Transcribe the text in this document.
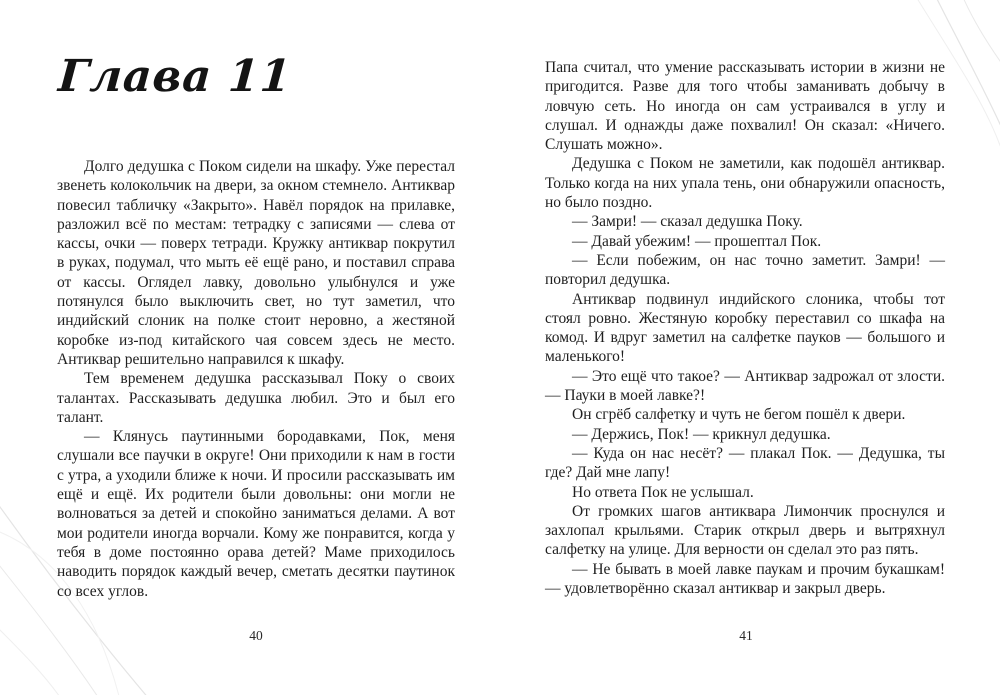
Глава 11

Долго дедушка с Поком сидели на шкафу. Уже перестал звенеть колокольчик на двери, за окном стемнело. Антиквар повесил табличку «Закрыто». Навёл порядок на прилавке, разложил всё по местам: тетрадку с записями — слева от кассы, очки — поверх тетради. Кружку антиквар покрутил в руках, подумал, что мыть её ещё рано, и поставил справа от кассы. Оглядел лавку, довольно улыбнулся и уже потянулся было выключить свет, но тут заметил, что индийский слоник на полке стоит неровно, а жестяной коробке из-под китайского чая совсем здесь не место. Антиквар решительно направился к шкафу.

Тем временем дедушка рассказывал Поку о своих талантах. Рассказывать дедушка любил. Это и был его талант.

— Клянусь паутинными бородавками, Пок, меня слушали все паучки в округе! Они приходили к нам в гости с утра, а уходили ближе к ночи. И просили рассказывать им ещё и ещё. Их родители были довольны: они могли не волноваться за детей и спокойно заниматься делами. А вот мои родители иногда ворчали. Кому же понравится, когда у тебя в доме постоянно орава детей? Маме приходилось наводить порядок каждый вечер, сметать десятки паутинок со всех углов.

Папа считал, что умение рассказывать истории в жизни не пригодится. Разве для того чтобы заманивать добычу в ловчую сеть. Но иногда он сам устраивался в углу и слушал. И однажды даже похвалил! Он сказал: «Ничего. Слушать можно».

Дедушка с Поком не заметили, как подошёл антиквар. Только когда на них упала тень, они обнаружили опасность, но было поздно.

— Замри! — сказал дедушка Поку.

— Давай убежим! — прошептал Пок.

— Если побежим, он нас точно заметит. Замри! — повторил дедушка.

Антиквар подвинул индийского слоника, чтобы тот стоял ровно. Жестяную коробку переставил со шкафа на комод. И вдруг заметил на салфетке пауков — большого и маленького!

— Это ещё что такое? — Антиквар задрожал от злости. — Пауки в моей лавке?!

Он сгрёб салфетку и чуть не бегом пошёл к двери.

— Держись, Пок! — крикнул дедушка.

— Куда он нас несёт? — плакал Пок. — Дедушка, ты где? Дай мне лапу!

Но ответа Пок не услышал.

От громких шагов антиквара Лимончик проснулся и захлопал крыльями. Старик открыл дверь и вытряхнул салфетку на улице. Для верности он сделал это раз пять.

— Не бывать в моей лавке паукам и прочим букашкам! — удовлетворённо сказал антиквар и закрыл дверь.

40	41
